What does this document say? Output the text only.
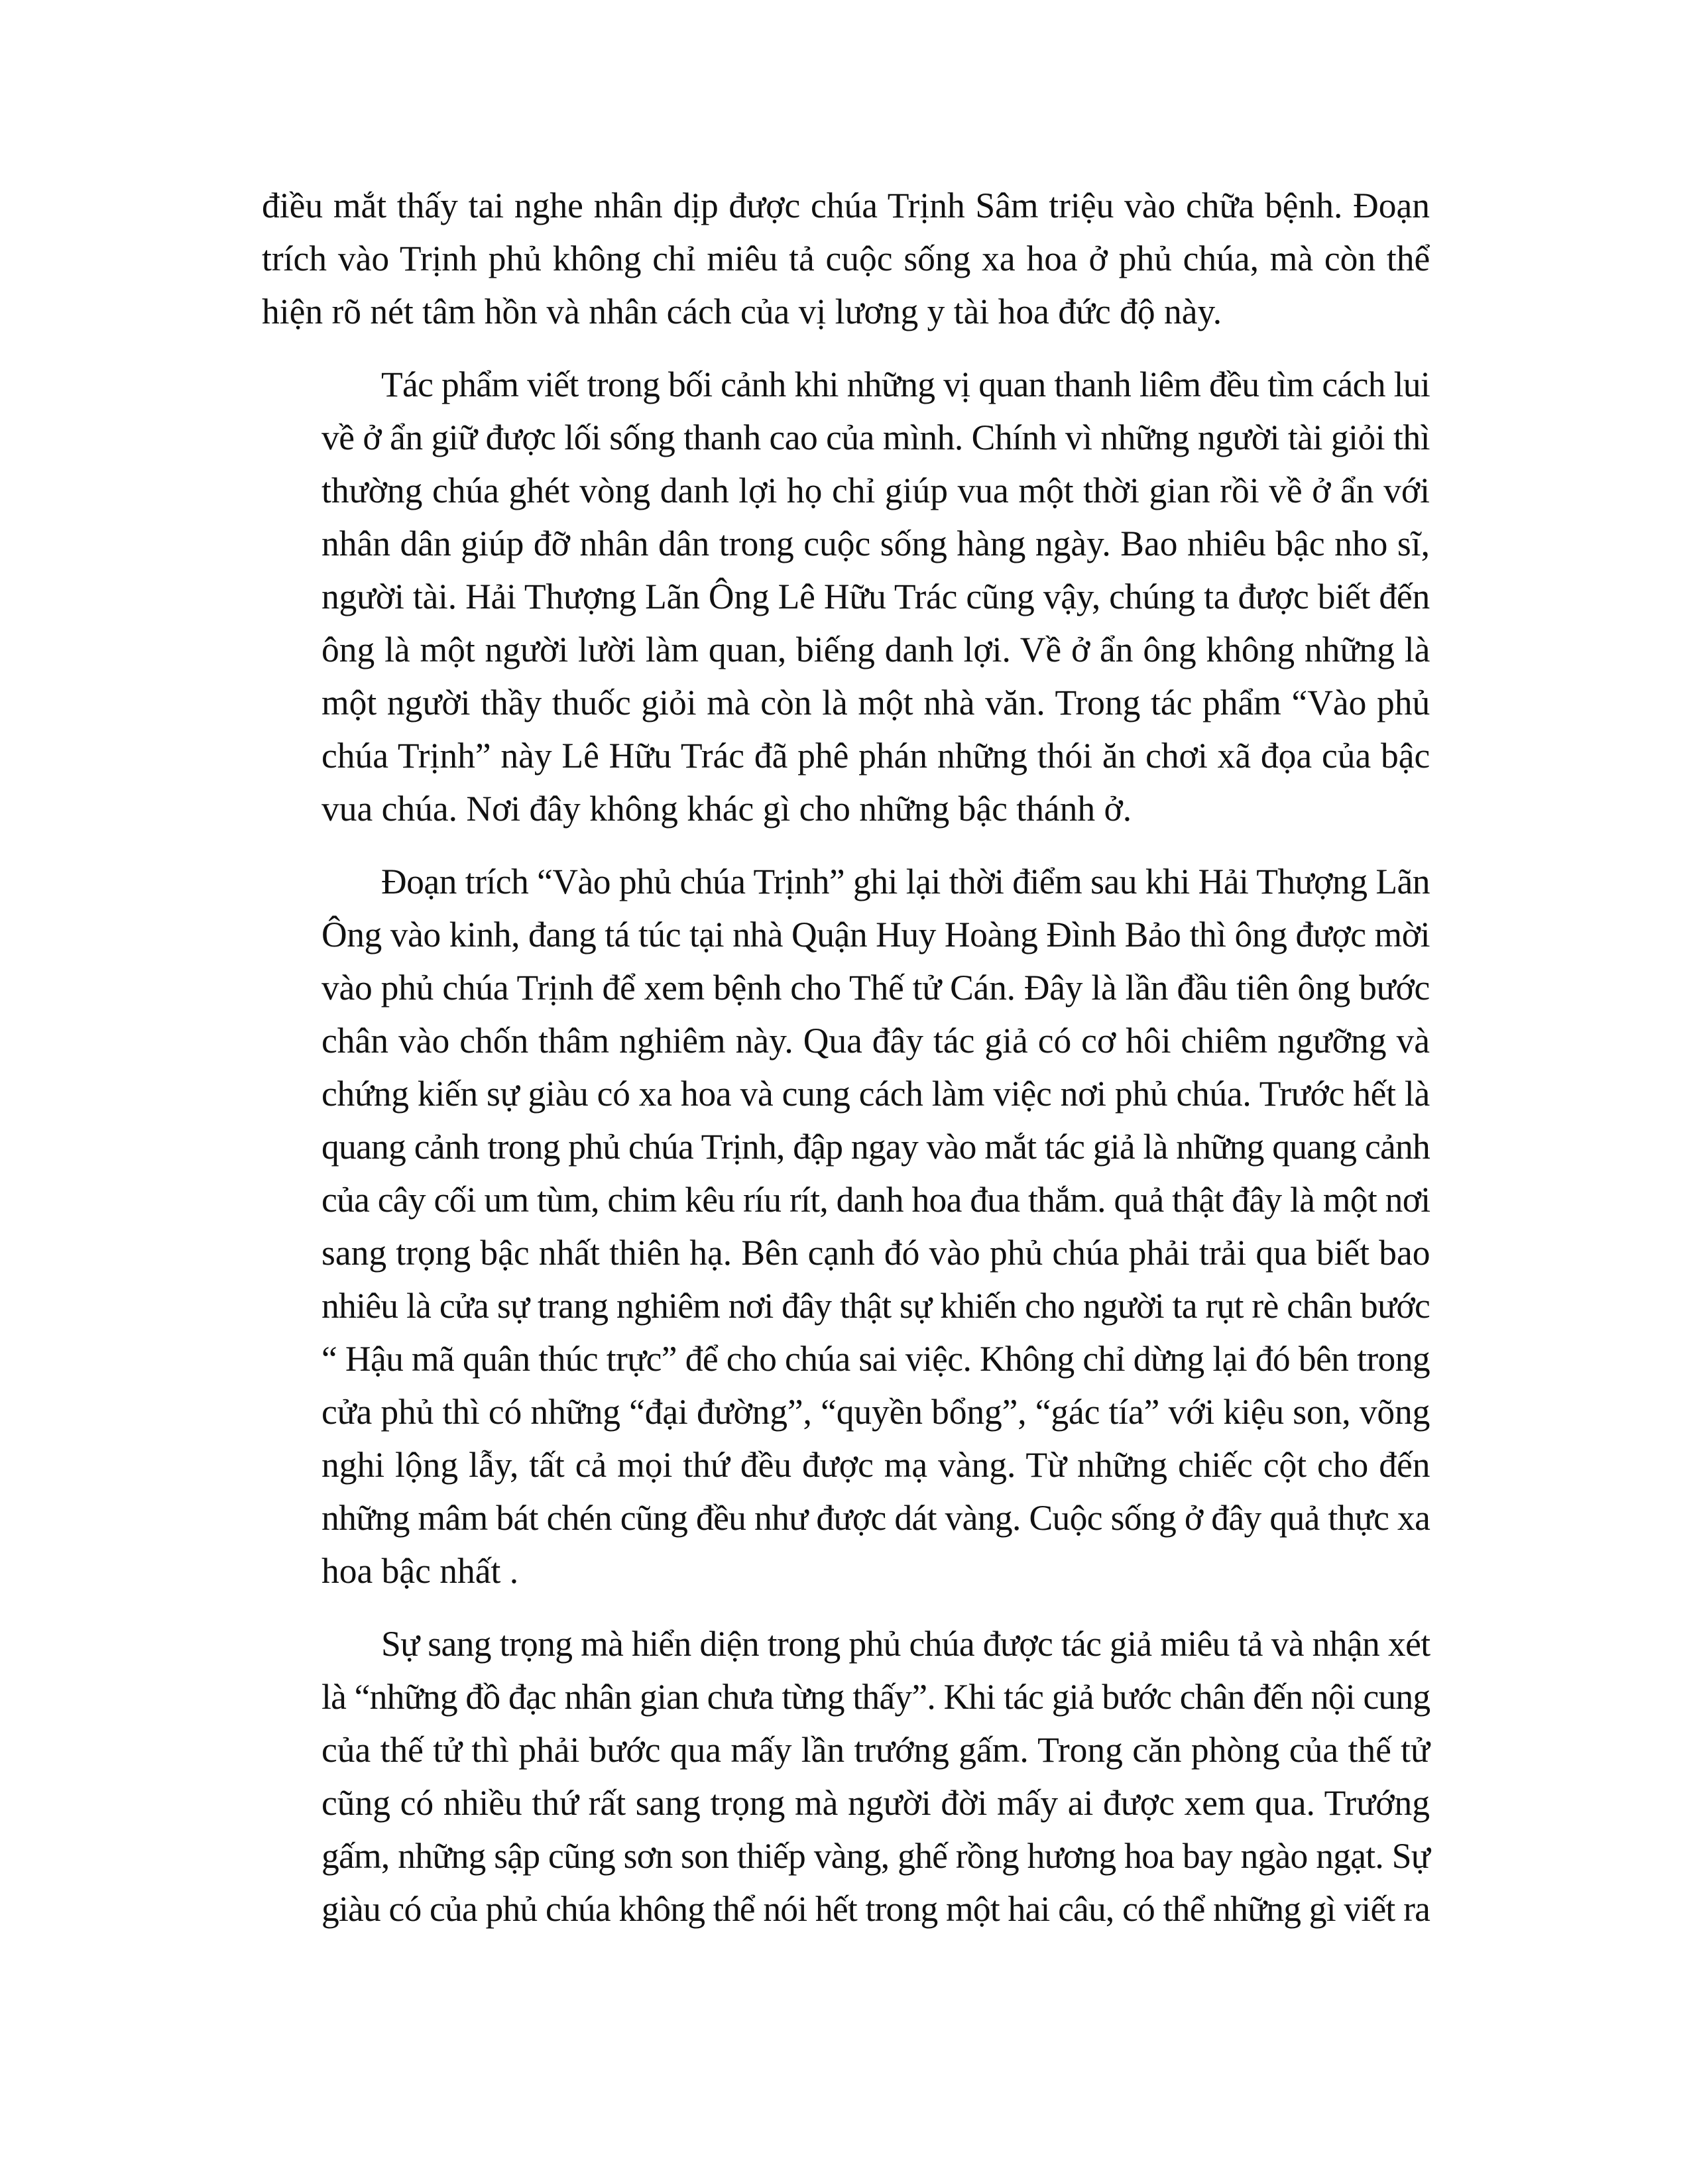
điều mắt thấy tai nghe nhân dịp được chúa Trịnh Sâm triệu vào chữa bệnh. Đoạn
trích vào Trịnh phủ không chỉ miêu tả cuộc sống xa hoa ở phủ chúa, mà còn thể
hiện rõ nét tâm hồn và nhân cách của vị lương y tài hoa đức độ này.
Tác phẩm viết trong bối cảnh khi những vị quan thanh liêm đều tìm cách lui
về ở ẩn giữ được lối sống thanh cao của mình. Chính vì những người tài giỏi thì
thường chúa ghét vòng danh lợi họ chỉ giúp vua một thời gian rồi về ở ẩn với
nhân dân giúp đỡ nhân dân trong cuộc sống hàng ngày. Bao nhiêu bậc nho sĩ,
người tài. Hải Thượng Lãn Ông Lê Hữu Trác cũng vậy, chúng ta được biết đến
ông là một người lười làm quan, biếng danh lợi. Về ở ẩn ông không những là
một người thầy thuốc giỏi mà còn là một nhà văn. Trong tác phẩm “Vào phủ
chúa Trịnh” này Lê Hữu Trác đã phê phán những thói ăn chơi xã đọa của bậc
vua chúa. Nơi đây không khác gì cho những bậc thánh ở.
Đoạn trích “Vào phủ chúa Trịnh” ghi lại thời điểm sau khi Hải Thượng Lãn
Ông vào kinh, đang tá túc tại nhà Quận Huy Hoàng Đình Bảo thì ông được mời
vào phủ chúa Trịnh để xem bệnh cho Thế tử Cán. Đây là lần đầu tiên ông bước
chân vào chốn thâm nghiêm này. Qua đây tác giả có cơ hôi chiêm ngưỡng và
chứng kiến sự giàu có xa hoa và cung cách làm việc nơi phủ chúa. Trước hết là
quang cảnh trong phủ chúa Trịnh, đập ngay vào mắt tác giả là những quang cảnh
của cây cối um tùm, chim kêu ríu rít, danh hoa đua thắm. quả thật đây là một nơi
sang trọng bậc nhất thiên hạ. Bên cạnh đó vào phủ chúa phải trải qua biết bao
nhiêu là cửa sự trang nghiêm nơi đây thật sự khiến cho người ta rụt rè chân bước
“ Hậu mã quân thúc trực” để cho chúa sai việc. Không chỉ dừng lại đó bên trong
cửa phủ thì có những “đại đường”, “quyền bổng”, “gác tía” với kiệu son, võng
nghi lộng lẫy, tất cả mọi thứ đều được mạ vàng. Từ những chiếc cột cho đến
những mâm bát chén cũng đều như được dát vàng. Cuộc sống ở đây quả thực xa
hoa bậc nhất .
Sự sang trọng mà hiển diện trong phủ chúa được tác giả miêu tả và nhận xét
là “những đồ đạc nhân gian chưa từng thấy”. Khi tác giả bước chân đến nội cung
của thế tử thì phải bước qua mấy lần trướng gấm. Trong căn phòng của thế tử
cũng có nhiều thứ rất sang trọng mà người đời mấy ai được xem qua. Trướng
gấm, những sập cũng sơn son thiếp vàng, ghế rồng hương hoa bay ngào ngạt. Sự
giàu có của phủ chúa không thể nói hết trong một hai câu, có thể những gì viết ra
